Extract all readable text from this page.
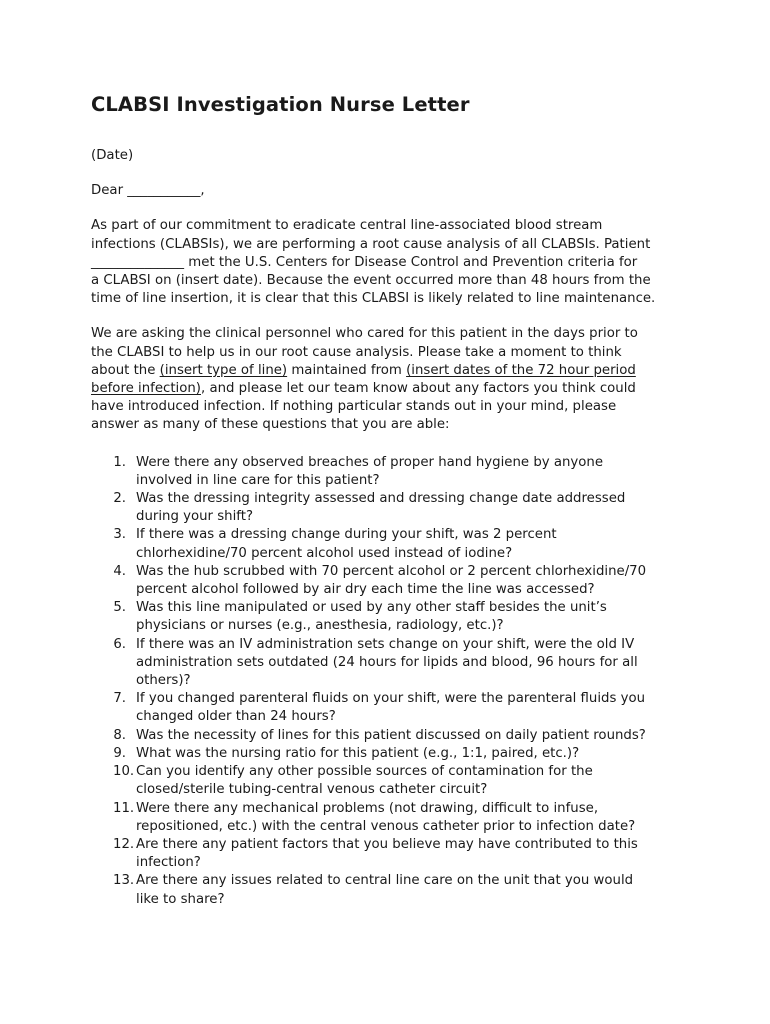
CLABSI Investigation Nurse Letter
(Date)
Dear ___________,
As part of our commitment to eradicate central line-associated blood stream
infections (CLABSIs), we are performing a root cause analysis of all CLABSIs. Patient
______________ met the U.S. Centers for Disease Control and Prevention criteria for
a CLABSI on (insert date). Because the event occurred more than 48 hours from the
time of line insertion, it is clear that this CLABSI is likely related to line maintenance.
We are asking the clinical personnel who cared for this patient in the days prior to
the CLABSI to help us in our root cause analysis. Please take a moment to think
about the (insert type of line) maintained from (insert dates of the 72 hour period
before infection), and please let our team know about any factors you think could
have introduced infection. If nothing particular stands out in your mind, please
answer as many of these questions that you are able:
1. Were there any observed breaches of proper hand hygiene by anyone
involved in line care for this patient?
2. Was the dressing integrity assessed and dressing change date addressed
during your shift?
3. If there was a dressing change during your shift, was 2 percent
chlorhexidine/70 percent alcohol used instead of iodine?
4. Was the hub scrubbed with 70 percent alcohol or 2 percent chlorhexidine/70
percent alcohol followed by air dry each time the line was accessed?
5. Was this line manipulated or used by any other staff besides the unit’s
physicians or nurses (e.g., anesthesia, radiology, etc.)?
6. If there was an IV administration sets change on your shift, were the old IV
administration sets outdated (24 hours for lipids and blood, 96 hours for all
others)?
7. If you changed parenteral fluids on your shift, were the parenteral fluids you
changed older than 24 hours?
8. Was the necessity of lines for this patient discussed on daily patient rounds?
9. What was the nursing ratio for this patient (e.g., 1:1, paired, etc.)?
10. Can you identify any other possible sources of contamination for the
closed/sterile tubing-central venous catheter circuit?
11. Were there any mechanical problems (not drawing, difficult to infuse,
repositioned, etc.) with the central venous catheter prior to infection date?
12. Are there any patient factors that you believe may have contributed to this
infection?
13. Are there any issues related to central line care on the unit that you would
like to share?
